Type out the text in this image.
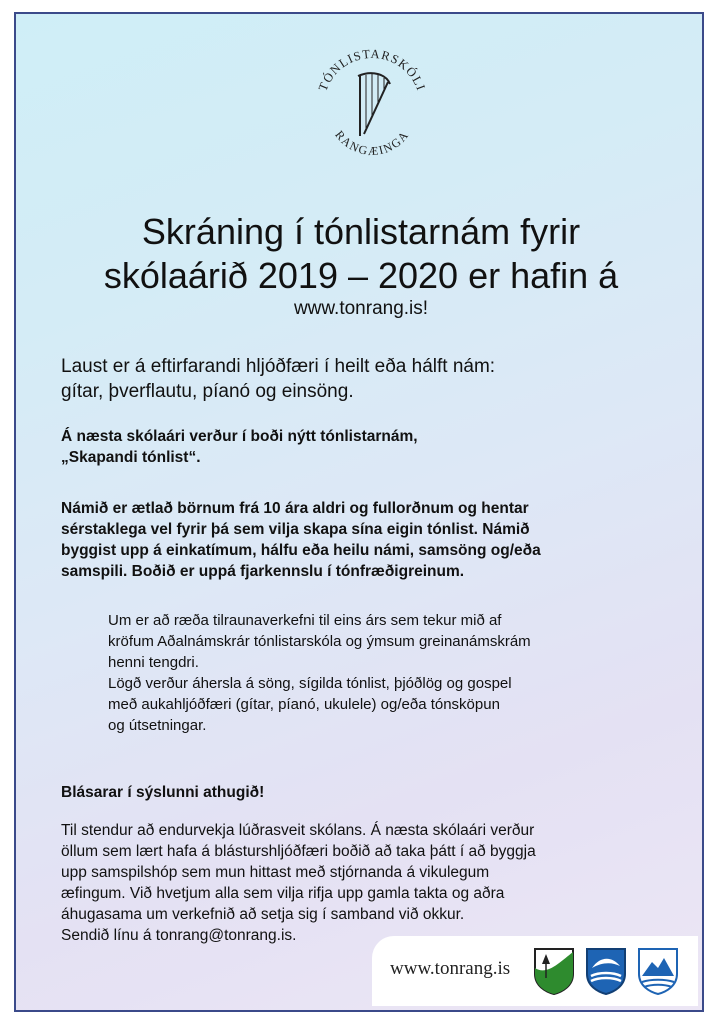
TÓNLISTARSKÓLI
RANGÆINGA
Skráning í tónlistarnám fyrir
skólaárið 2019 – 2020 er hafin á
www.tonrang.is!
Laust er á eftirfarandi hljóðfæri í heilt eða hálft nám:
gítar, þverflautu, píanó og einsöng.
Á næsta skólaári verður í boði nýtt tónlistarnám,
„Skapandi tónlist“.
Námið er ætlað börnum frá 10 ára aldri og fullorðnum og hentar
sérstaklega vel fyrir þá sem vilja skapa sína eigin tónlist. Námið
byggist upp á einkatímum, hálfu eða heilu námi, samsöng og/eða
samspili. Boðið er uppá fjarkennslu í tónfræðigreinum.
Um er að ræða tilraunaverkefni til eins árs sem tekur mið af
kröfum Aðalnámskrár tónlistarskóla og ýmsum greinanámskrám
henni tengdri.
Lögð verður áhersla á söng, sígilda tónlist, þjóðlög og gospel
með aukahljóðfæri (gítar, píanó, ukulele) og/eða tónsköpun
og útsetningar.
Blásarar í sýslunni athugið!
Til stendur að endurvekja lúðrasveit skólans. Á næsta skólaári verður
öllum sem lært hafa á blásturshljóðfæri boðið að taka þátt í að byggja
upp samspilshóp sem mun hittast með stjórnanda á vikulegum
æfingum. Við hvetjum alla sem vilja rifja upp gamla takta og aðra
áhugasama um verkefnið að setja sig í samband við okkur.
Sendið línu á tonrang@tonrang.is.
www.tonrang.is
